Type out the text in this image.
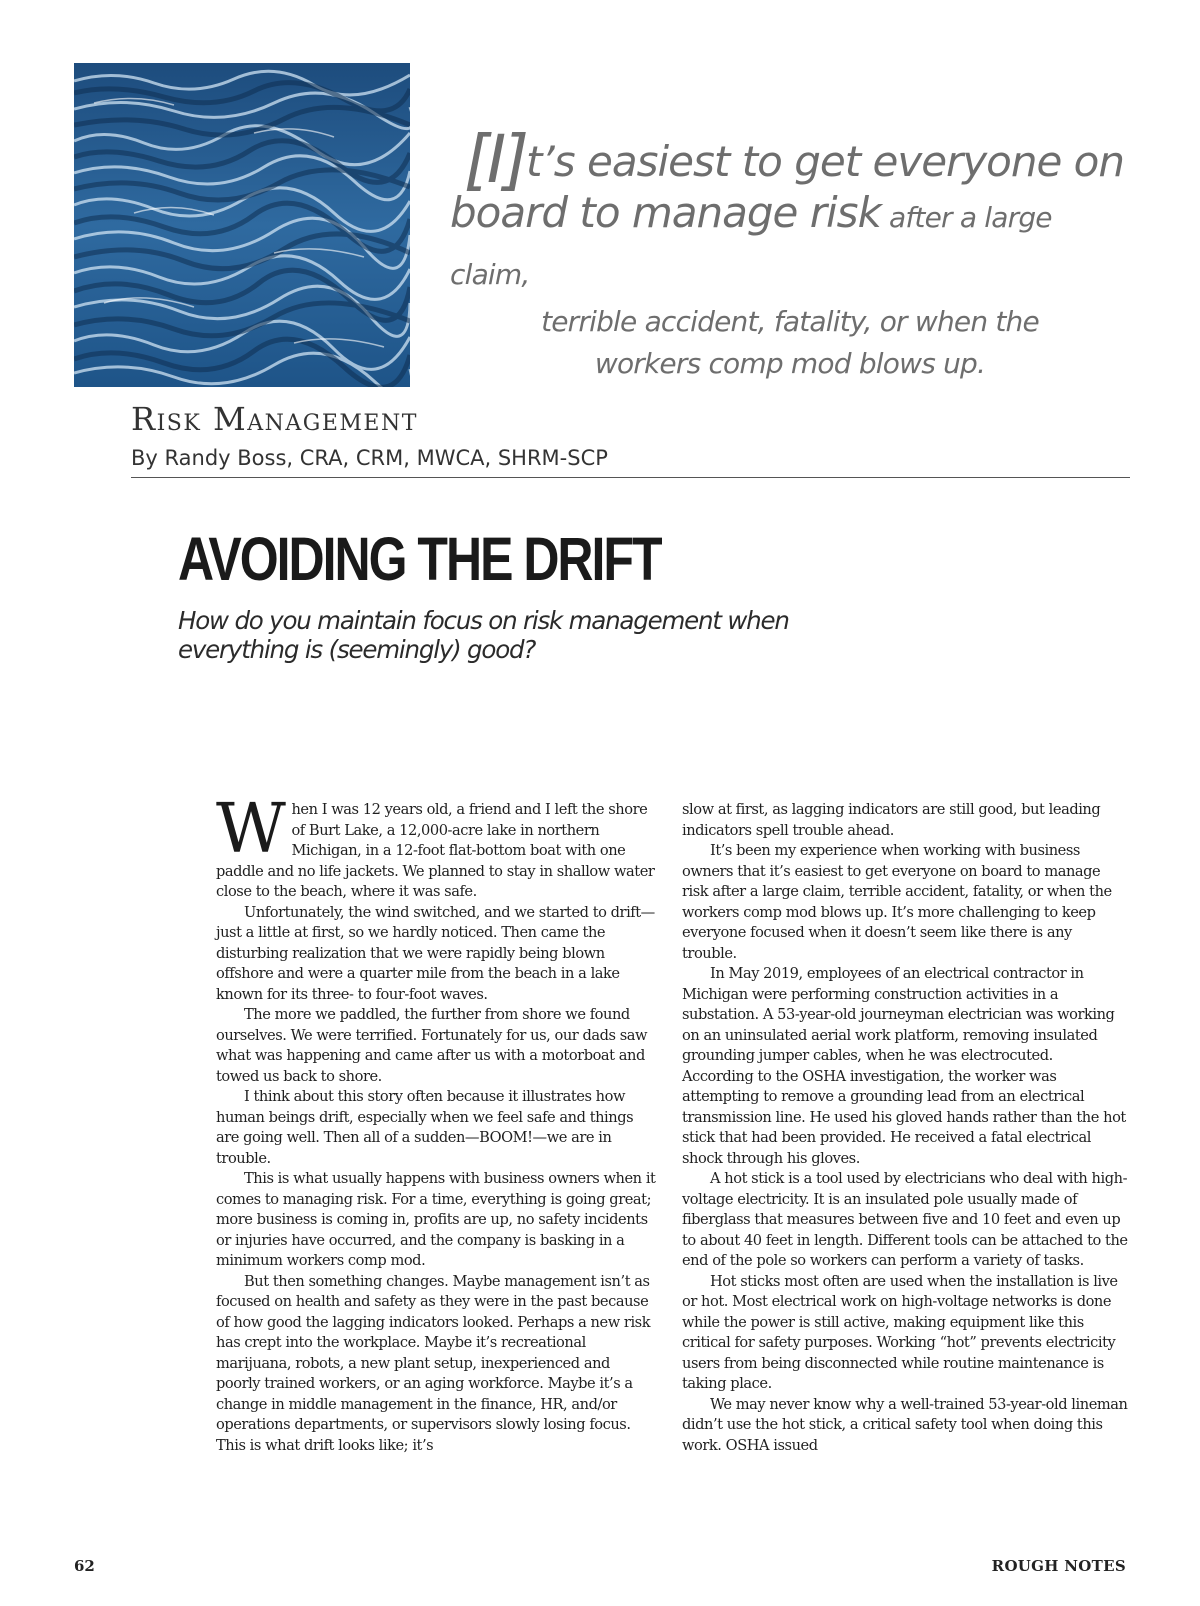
[I]t’s easiest to get everyone on
board to manage risk after a large claim,
terrible accident, fatality, or when the
workers comp mod blows up.
Risk Management
By Randy Boss, CRA, CRM, MWCA, SHRM-SCP
AVOIDING THE DRIFT
How do you maintain focus on risk management when everything is (seemingly) good?

When I was 12 years old, a friend and I left the shore of Burt Lake, a 12,000-acre lake in northern Michigan, in a 12-foot flat-bottom boat with one paddle and no life jackets. We planned to stay in shallow water close to the beach, where it was safe.

Unfortunately, the wind switched, and we started to drift—just a little at first, so we hardly noticed. Then came the disturbing realization that we were rapidly being blown offshore and were a quarter mile from the beach in a lake known for its three- to four-foot waves.

The more we paddled, the further from shore we found ourselves. We were terrified. Fortunately for us, our dads saw what was happening and came after us with a motorboat and towed us back to shore.

I think about this story often because it illustrates how human beings drift, especially when we feel safe and things are going well. Then all of a sudden—BOOM!—we are in trouble.

This is what usually happens with business owners when it comes to managing risk. For a time, everything is going great; more business is coming in, profits are up, no safety incidents or injuries have occurred, and the company is basking in a minimum workers comp mod.

But then something changes. Maybe management isn’t as focused on health and safety as they were in the past because of how good the lagging indicators looked. Perhaps a new risk has crept into the workplace. Maybe it’s recreational marijuana, robots, a new plant setup, inexperienced and poorly trained workers, or an aging workforce. Maybe it’s a change in middle management in the finance, HR, and/or operations departments, or supervisors slowly losing focus. This is what drift looks like; it’s

slow at first, as lagging indicators are still good, but leading indicators spell trouble ahead.

It’s been my experience when working with business owners that it’s easiest to get everyone on board to manage risk after a large claim, terrible accident, fatality, or when the workers comp mod blows up. It’s more challenging to keep everyone focused when it doesn’t seem like there is any trouble.

In May 2019, employees of an electrical contractor in Michigan were performing construction activities in a substation. A 53-year-old journeyman electrician was working on an uninsulated aerial work platform, removing insulated grounding jumper cables, when he was electrocuted. According to the OSHA investigation, the worker was attempting to remove a grounding lead from an electrical transmission line. He used his gloved hands rather than the hot stick that had been provided. He received a fatal electrical shock through his gloves.

A hot stick is a tool used by electricians who deal with high-voltage electricity. It is an insulated pole usually made of fiberglass that measures between five and 10 feet and even up to about 40 feet in length. Different tools can be attached to the end of the pole so workers can perform a variety of tasks.

Hot sticks most often are used when the installation is live or hot. Most electrical work on high-voltage networks is done while the power is still active, making equipment like this critical for safety purposes. Working “hot” prevents electricity users from being disconnected while routine maintenance is taking place.

We may never know why a well-trained 53-year-old lineman didn’t use the hot stick, a critical safety tool when doing this work. OSHA issued

62	ROUGH NOTES
